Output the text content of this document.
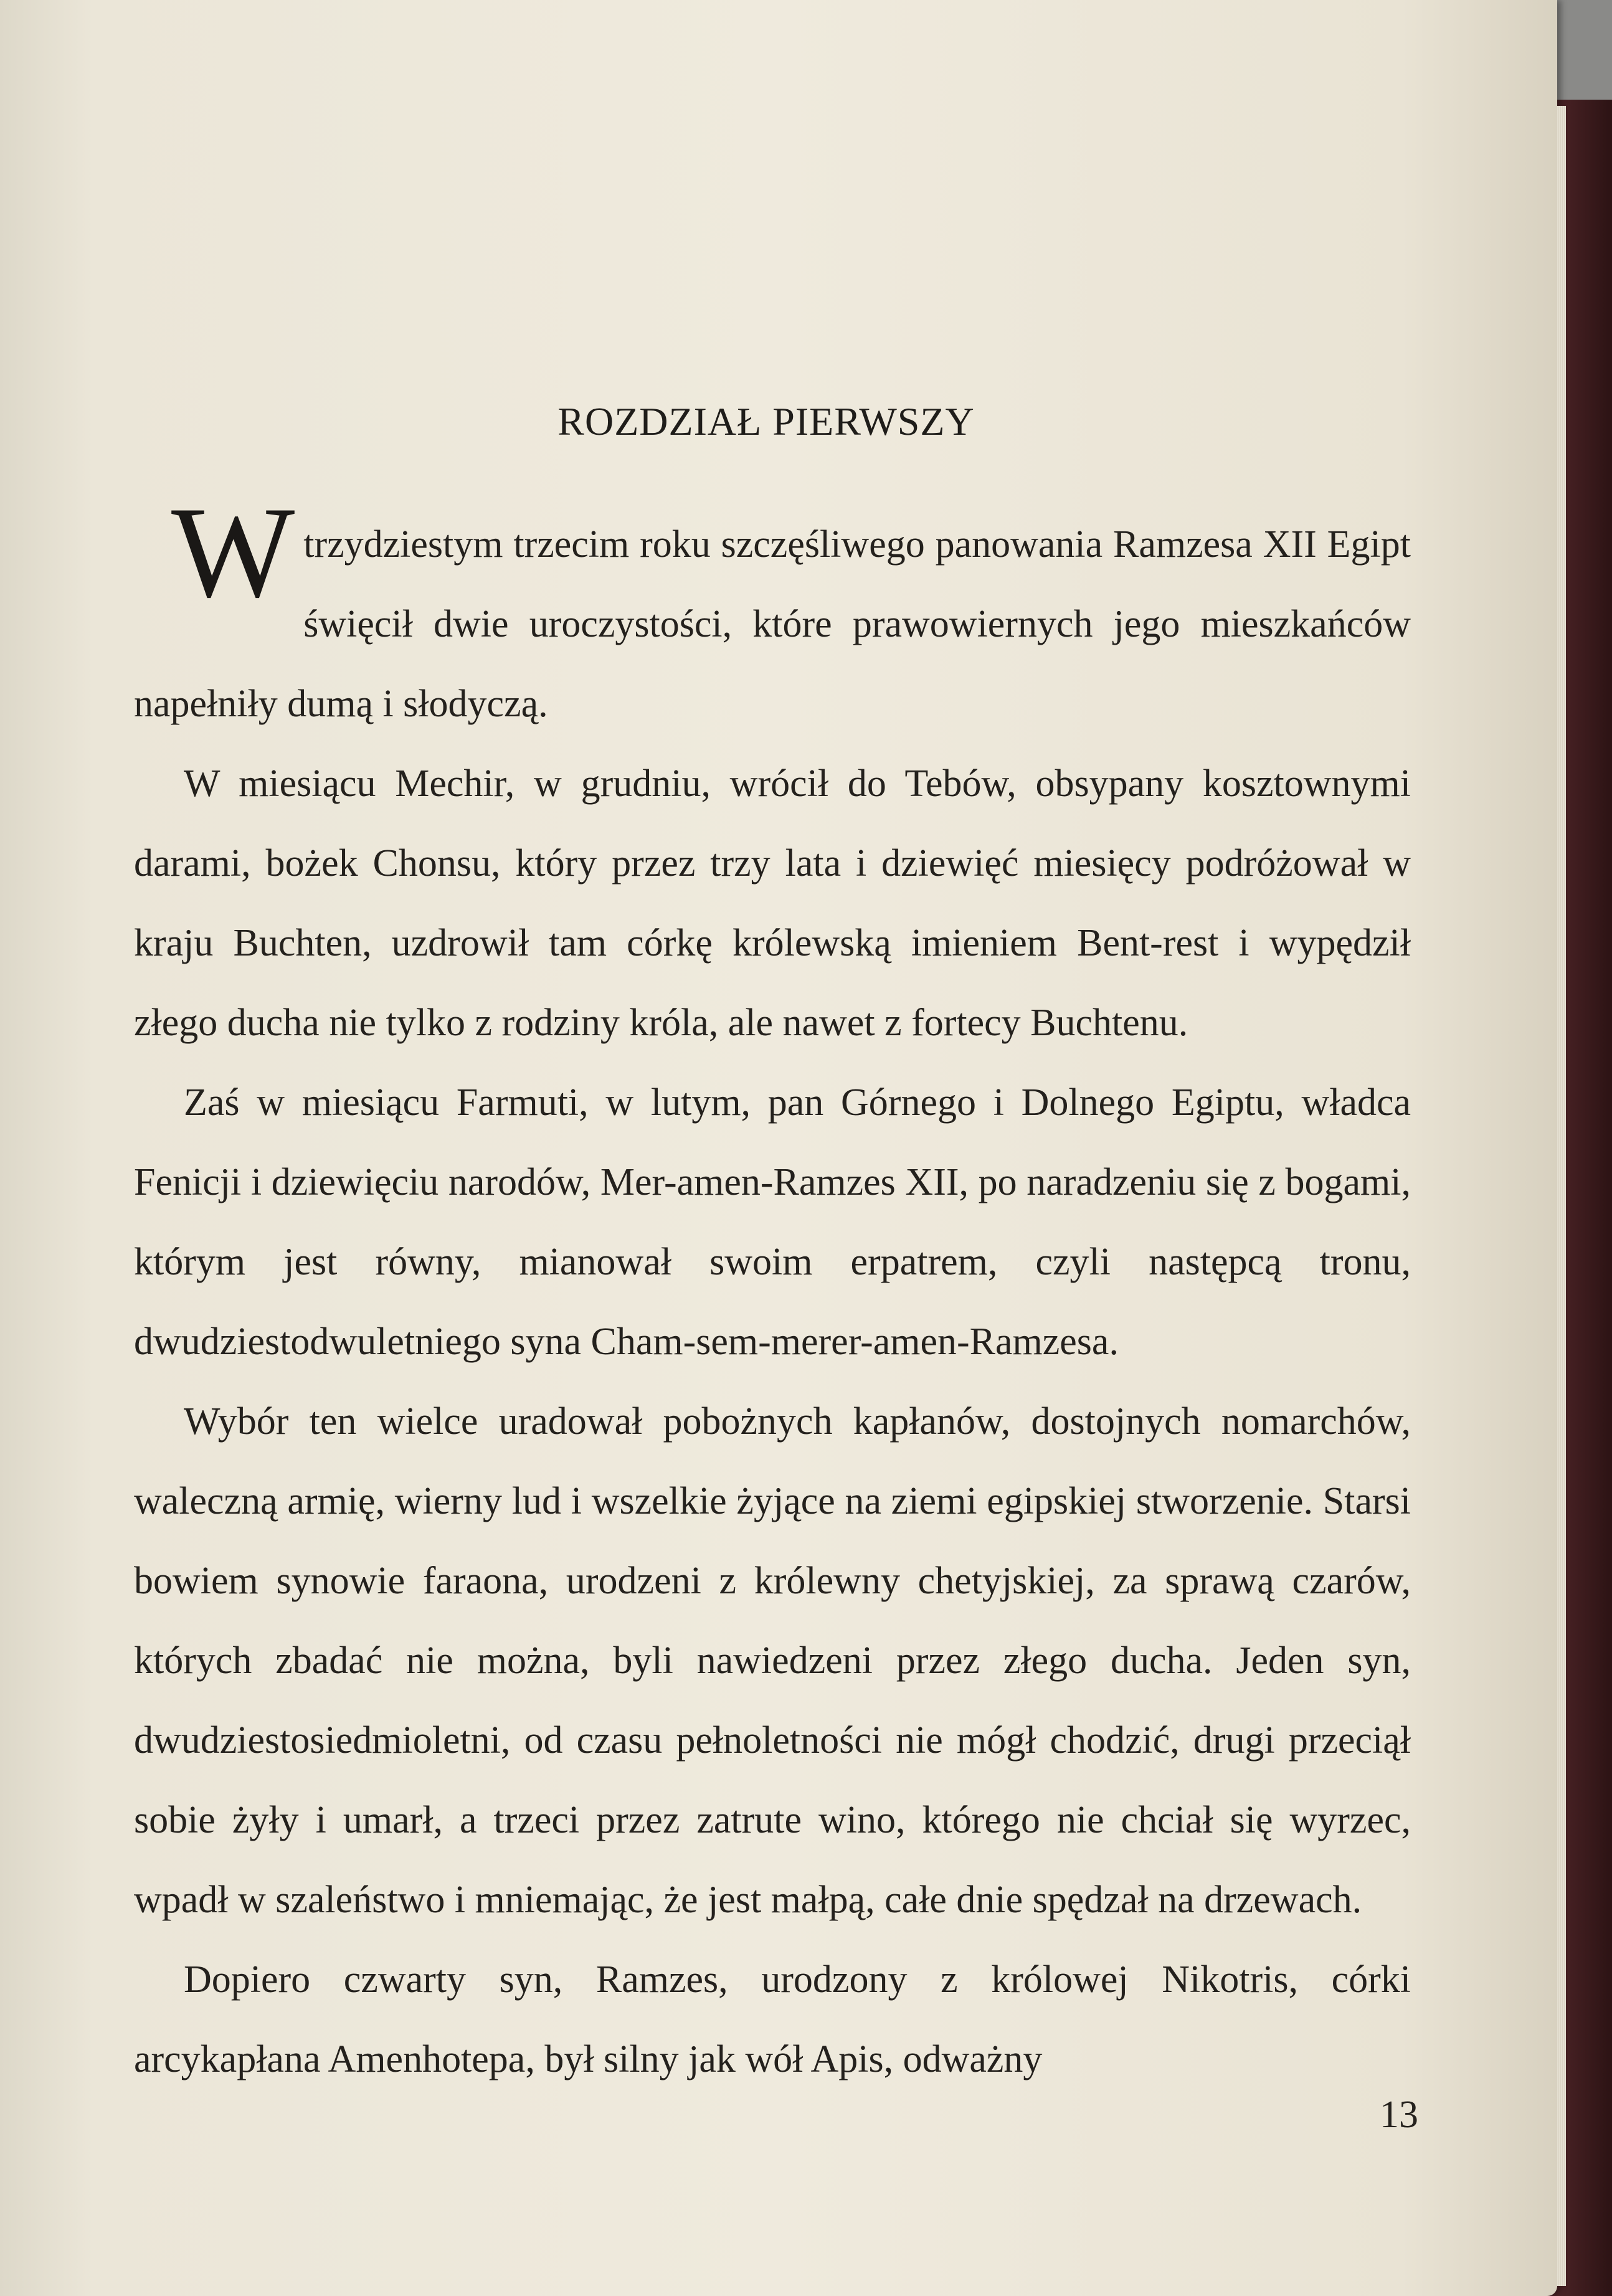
ROZDZIAŁ PIERWSZY

W trzydziestym trzecim roku szczęśliwego panowania Ramzesa XII Egipt święcił dwie uroczystości, które prawowiernych jego mieszkańców napełniły dumą i słodyczą.

W miesiącu Mechir, w grudniu, wrócił do Tebów, obsypany kosztownymi darami, bożek Chonsu, który przez trzy lata i dziewięć miesięcy podróżował w kraju Buchten, uzdrowił tam córkę królewską imieniem Bent-rest i wypędził złego ducha nie tylko z rodziny króla, ale nawet z fortecy Buchtenu.

Zaś w miesiącu Farmuti, w lutym, pan Górnego i Dolnego Egiptu, władca Fenicji i dziewięciu narodów, Mer-amen-Ramzes XII, po naradzeniu się z bogami, którym jest równy, mianował swoim erpatrem, czyli następcą tronu, dwudziestodwuletniego syna Cham-sem-merer-amen-Ramzesa.

Wybór ten wielce uradował pobożnych kapłanów, dostojnych nomarchów, waleczną armię, wierny lud i wszelkie żyjące na ziemi egipskiej stworzenie. Starsi bowiem synowie faraona, urodzeni z królewny chetyjskiej, za sprawą czarów, których zbadać nie można, byli nawiedzeni przez złego ducha. Jeden syn, dwudziestosiedmioletni, od czasu pełnoletności nie mógł chodzić, drugi przeciął sobie żyły i umarł, a trzeci przez zatrute wino, którego nie chciał się wyrzec, wpadł w szaleństwo i mniemając, że jest małpą, całe dnie spędzał na drzewach.

Dopiero czwarty syn, Ramzes, urodzony z królowej Nikotris, córki arcykapłana Amenhotepa, był silny jak wół Apis, odważny

13
